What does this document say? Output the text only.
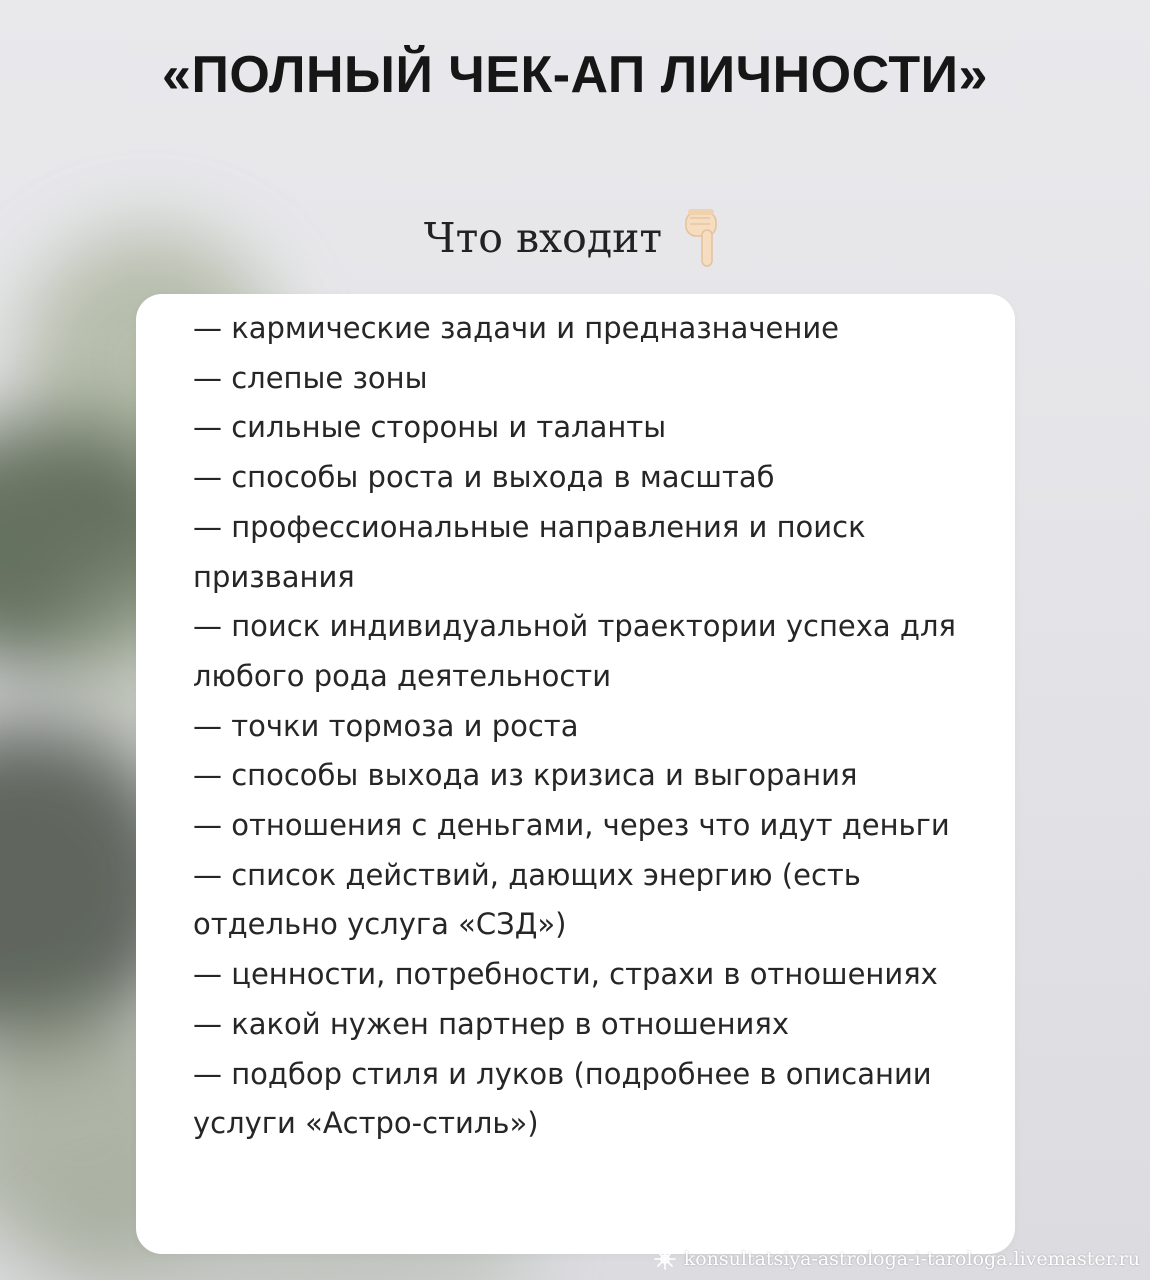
«ПОЛНЫЙ ЧЕК-АП ЛИЧНОСТИ»
Что входит
— кармические задачи и предназначение
— слепые зоны
— сильные стороны и таланты
— способы роста и выхода в масштаб
— профессиональные направления и поиск призвания
— поиск индивидуальной траектории успеха для любого рода деятельности
— точки тормоза и роста
— способы выхода из кризиса и выгорания
— отношения с деньгами, через что идут деньги
— список действий, дающих энергию (есть отдельно услуга «СЗД»)
— ценности, потребности, страхи в отношениях
— какой нужен партнер в отношениях
— подбор стиля и луков (подробнее в описании услуги «Астро-стиль»)
konsultatsiya-astrologa-i-tarologa.livemaster.ru
